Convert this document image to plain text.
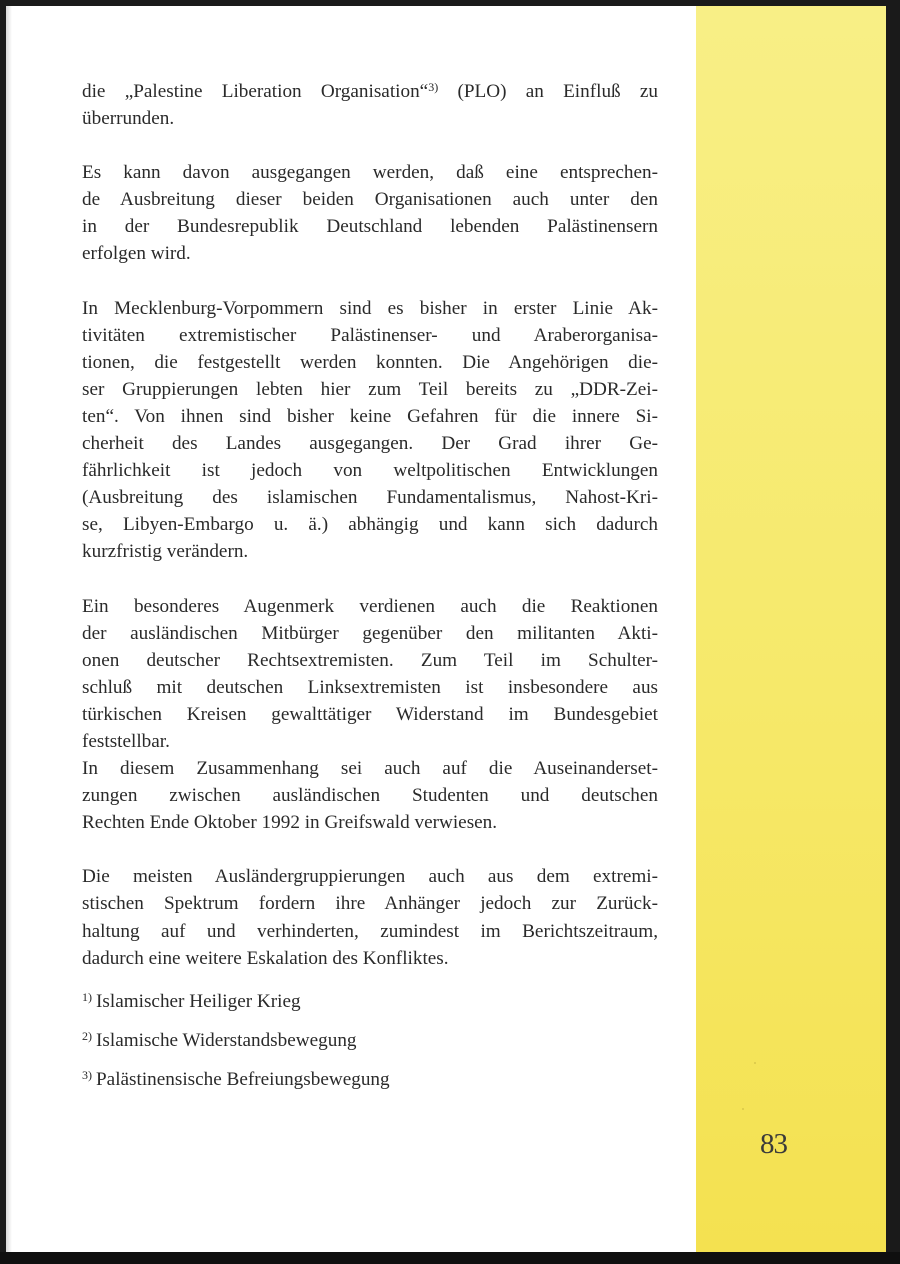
die „Palestine Liberation Organisation“$^{3)}$ (PLO) an Einfluß zu
überrunden.
Es kann davon ausgegangen werden, daß eine entsprechen-
de Ausbreitung dieser beiden Organisationen auch unter den
in der Bundesrepublik Deutschland lebenden Palästinensern
erfolgen wird.
In Mecklenburg-Vorpommern sind es bisher in erster Linie Ak-
tivitäten extremistischer Palästinenser- und Araberorganisa-
tionen, die festgestellt werden konnten. Die Angehörigen die-
ser Gruppierungen lebten hier zum Teil bereits zu „DDR-Zei-
ten“. Von ihnen sind bisher keine Gefahren für die innere Si-
cherheit des Landes ausgegangen. Der Grad ihrer Ge-
fährlichkeit ist jedoch von weltpolitischen Entwicklungen
(Ausbreitung des islamischen Fundamentalismus, Nahost-Kri-
se, Libyen-Embargo u. ä.) abhängig und kann sich dadurch
kurzfristig verändern.
Ein besonderes Augenmerk verdienen auch die Reaktionen
der ausländischen Mitbürger gegenüber den militanten Akti-
onen deutscher Rechtsextremisten. Zum Teil im Schulter-
schluß mit deutschen Linksextremisten ist insbesondere aus
türkischen Kreisen gewalttätiger Widerstand im Bundesgebiet
feststellbar.
In diesem Zusammenhang sei auch auf die Auseinanderset-
zungen zwischen ausländischen Studenten und deutschen
Rechten Ende Oktober 1992 in Greifswald verwiesen.
Die meisten Ausländergruppierungen auch aus dem extremi-
stischen Spektrum fordern ihre Anhänger jedoch zur Zurück-
haltung auf und verhinderten, zumindest im Berichtszeitraum,
dadurch eine weitere Eskalation des Konfliktes.
$^{1)}$ Islamischer Heiliger Krieg
$^{2)}$ Islamische Widerstandsbewegung
$^{3)}$ Palästinensische Befreiungsbewegung
83
